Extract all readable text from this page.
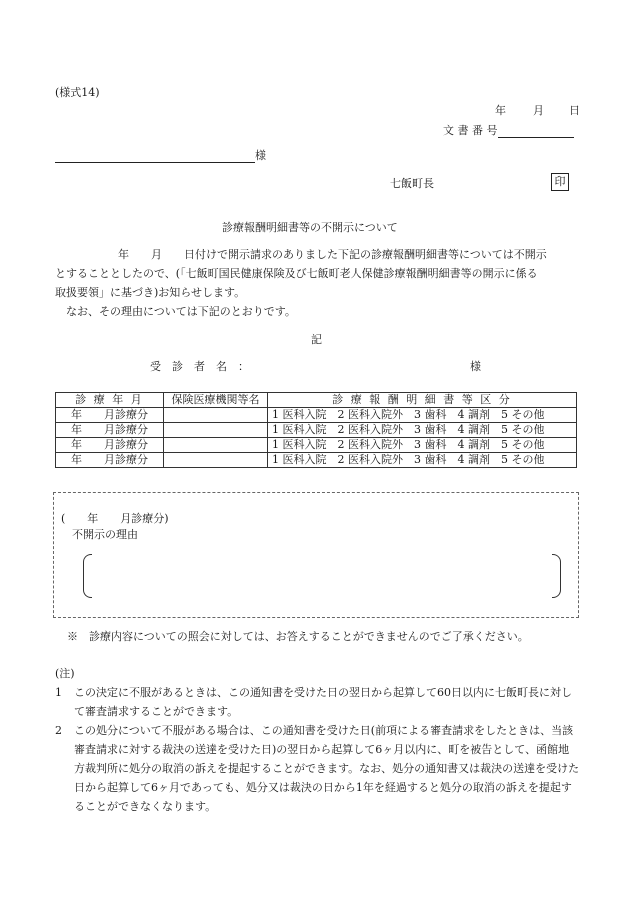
(様式14)
年 月 日
文 書 番 号
様
七飯町長	印
診療報酬明細書等の不開示について
年　　月　　日付けで開示請求のありました下記の診療報酬明細書等については不開示
とすることとしたので、(「七飯町国民健康保険及び七飯町老人保健診療報酬明細書等の開示に係る
取扱要領」に基づき)お知らせします。
なお、その理由については下記のとおりです。
記
受　診　者　名　：	様
診 療 年 月	保険医療機関等名	診 療 報 酬 明 細 書 等 区 分
年　　月診療分		1 医科入院　2 医科入院外　3 歯科　4 調剤　5 その他
年　　月診療分		1 医科入院　2 医科入院外　3 歯科　4 調剤　5 その他
年　　月診療分		1 医科入院　2 医科入院外　3 歯科　4 調剤　5 その他
年　　月診療分		1 医科入院　2 医科入院外　3 歯科　4 調剤　5 その他
(　　年　　月診療分)
不開示の理由
※　診療内容についての照会に対しては、お答えすることができませんのでご了承ください。
(注)
1 この決定に不服があるときは、この通知書を受けた日の翌日から起算して60日以内に七飯町長に対して審査請求することができます。
2 この処分について不服がある場合は、この通知書を受けた日(前項による審査請求をしたときは、当該審査請求に対する裁決の送達を受けた日)の翌日から起算して6ヶ月以内に、町を被告として、函館地方裁判所に処分の取消の訴えを提起することができます。なお、処分の通知書又は裁決の送達を受けた日から起算して6ヶ月であっても、処分又は裁決の日から1年を経過すると処分の取消の訴えを提起することができなくなります。
